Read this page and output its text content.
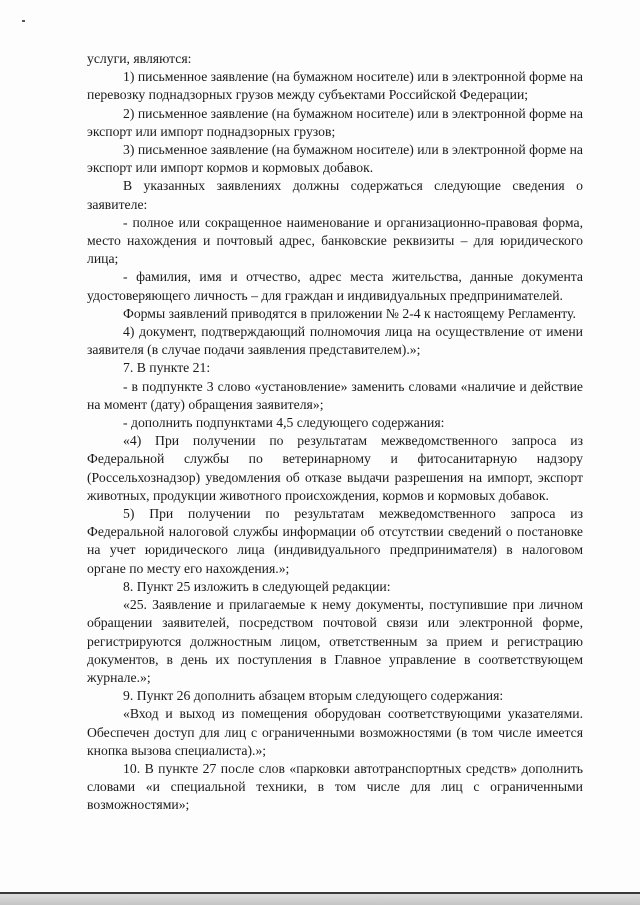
услуги, являются:

1) письменное заявление (на бумажном носителе) или в электронной форме на перевозку поднадзорных грузов между субъектами Российской Федерации;

2) письменное заявление (на бумажном носителе) или в электронной форме на экспорт или импорт поднадзорных грузов;

3) письменное заявление (на бумажном носителе) или в электронной форме на экспорт или импорт кормов и кормовых добавок.

В указанных заявлениях должны содержаться следующие сведения о заявителе:

- полное или сокращенное наименование и организационно-правовая форма, место нахождения и почтовый адрес, банковские реквизиты – для юридического лица;

- фамилия, имя и отчество, адрес места жительства, данные документа удостоверяющего личность – для граждан и индивидуальных предпринимателей.

Формы заявлений приводятся в приложении № 2-4 к настоящему Регламенту.

4) документ, подтверждающий полномочия лица на осуществление от имени заявителя (в случае подачи заявления представителем).»;

7. В пункте 21:

- в подпункте 3 слово «установление» заменить словами «наличие и действие на момент (дату) обращения заявителя»;

- дополнить подпунктами 4,5 следующего содержания:

«4) При получении по результатам межведомственного запроса из Федеральной службы по ветеринарному и фитосанитарную надзору (Россельхознадзор) уведомления об отказе выдачи разрешения на импорт, экспорт животных, продукции животного происхождения, кормов и кормовых добавок.

5) При получении по результатам межведомственного запроса из Федеральной налоговой службы информации об отсутствии сведений о постановке на учет юридического лица (индивидуального предпринимателя) в налоговом органе по месту его нахождения.»;

8. Пункт 25 изложить в следующей редакции:

«25. Заявление и прилагаемые к нему документы, поступившие при личном обращении заявителей, посредством почтовой связи или электронной форме, регистрируются должностным лицом, ответственным за прием и регистрацию документов, в день их поступления в Главное управление в соответствующем журнале.»;

9. Пункт 26 дополнить абзацем вторым следующего содержания:

«Вход и выход из помещения оборудован соответствующими указателями. Обеспечен доступ для лиц с ограниченными возможностями (в том числе имеется кнопка вызова специалиста).»;

10. В пункте 27 после слов «парковки автотранспортных средств» дополнить словами «и специальной техники, в том числе для лиц с ограниченными возможностями»;
